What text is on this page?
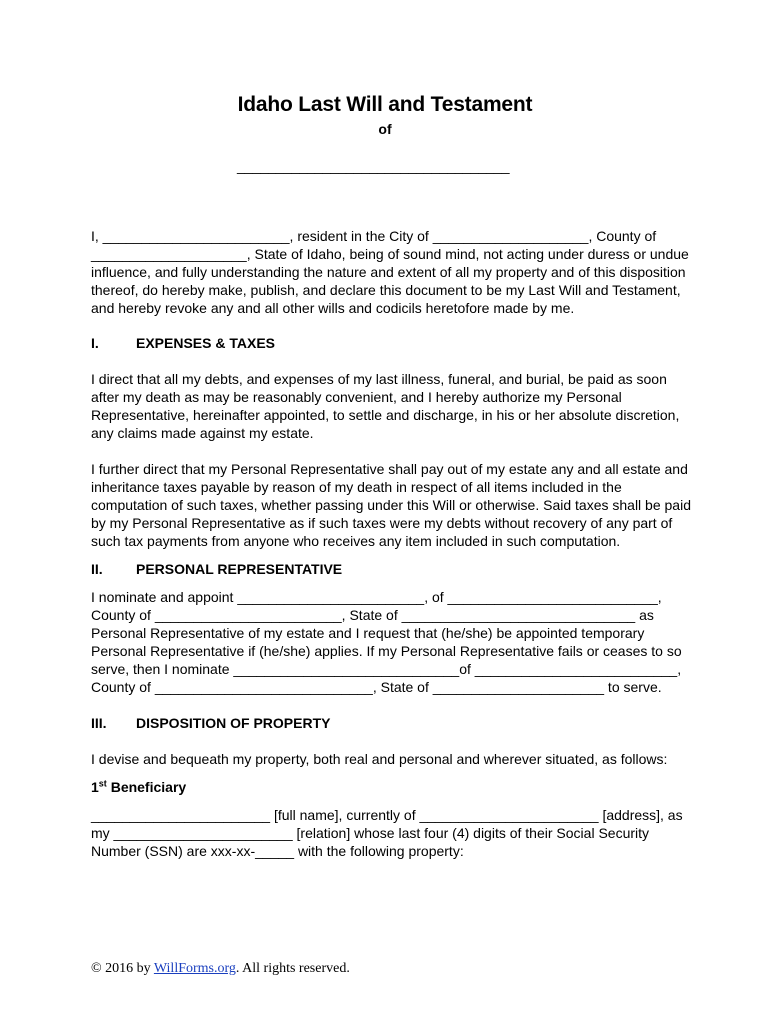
Idaho Last Will and Testament
of
___________________________________

I, ________________________, resident in the City of ____________________, County of ____________________, State of Idaho, being of sound mind, not acting under duress or undue influence, and fully understanding the nature and extent of all my property and of this disposition thereof, do hereby make, publish, and declare this document to be my Last Will and Testament, and hereby revoke any and all other wills and codicils heretofore made by me.

I.	EXPENSES & TAXES

I direct that all my debts, and expenses of my last illness, funeral, and burial, be paid as soon after my death as may be reasonably convenient, and I hereby authorize my Personal Representative, hereinafter appointed, to settle and discharge, in his or her absolute discretion, any claims made against my estate.

I further direct that my Personal Representative shall pay out of my estate any and all estate and inheritance taxes payable by reason of my death in respect of all items included in the computation of such taxes, whether passing under this Will or otherwise. Said taxes shall be paid by my Personal Representative as if such taxes were my debts without recovery of any part of such tax payments from anyone who receives any item included in such computation.

II. PERSONAL REPRESENTATIVE

I nominate and appoint ________________________, of ___________________________, County of ________________________, State of ______________________________ as Personal Representative of my estate and I request that (he/she) be appointed temporary Personal Representative if (he/she) applies. If my Personal Representative fails or ceases to so serve, then I nominate _____________________________of __________________________, County of ____________________________, State of ______________________ to serve.

III. DISPOSITION OF PROPERTY

I devise and bequeath my property, both real and personal and wherever situated, as follows:

1st Beneficiary

_______________________ [full name], currently of _______________________ [address], as my _______________________ [relation] whose last four (4) digits of their Social Security Number (SSN) are xxx-xx-_____ with the following property:

© 2016 by WillForms.org. All rights reserved.
